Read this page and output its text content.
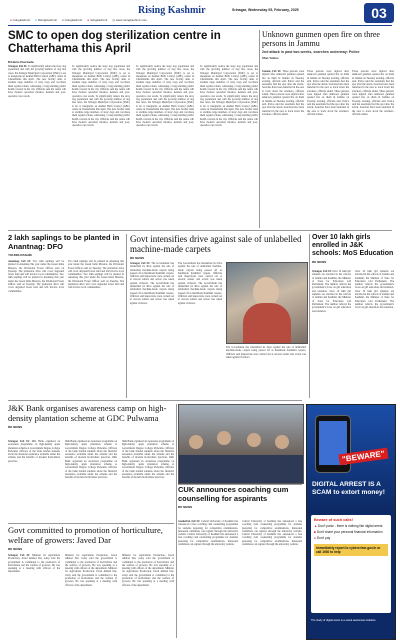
Rising Kashmir
● risingkashmir ● RisingKashmir ● risingkashmir ● risingkashmir ◎ www.risingkashmir.com
Srinagar, Wednesday 05, February, 2025	03
SMC to open dog sterilization centre in Chatterhama this April
M Hanis Peerzada
Srinagar, Feb 04: To significantly reduce the stray dog population and curb the growing number of dog bite cases, the Srinagar Municipal Corporation (SMC) is set to inaugurate an Animal Birth Control (ABC) centre in Chatterhama this April. The new facility aims to sterilize large numbers of stray dogs and vaccinate them against rabies, addressing a long-standing public health concern in the city. Officials said the centre will have modern operation theatres, kennels and post-operative care wards.
To significantly reduce the stray dog population and curb the growing number of dog bite cases, the Srinagar Municipal Corporation (SMC) is set to inaugurate an Animal Birth Control (ABC) centre in Chatterhama this April. The new facility aims to sterilize large numbers of stray dogs and vaccinate them against rabies, addressing a long-standing public health concern in the city. Officials said the centre will have modern operation theatres, kennels and post-operative care wards. To significantly reduce the stray dog population and curb the growing number of dog bite cases, the Srinagar Municipal Corporation (SMC) is set to inaugurate an Animal Birth Control (ABC) centre in Chatterhama this April. The new facility aims to sterilize large numbers of stray dogs and vaccinate them against rabies, addressing a long-standing public health concern in the city. Officials said the centre will have modern operation theatres, kennels and post-operative care wards.
To significantly reduce the stray dog population and curb the growing number of dog bite cases, the Srinagar Municipal Corporation (SMC) is set to inaugurate an Animal Birth Control (ABC) centre in Chatterhama this April. The new facility aims to sterilize large numbers of stray dogs and vaccinate them against rabies, addressing a long-standing public health concern in the city. Officials said the centre will have modern operation theatres, kennels and post-operative care wards. To significantly reduce the stray dog population and curb the growing number of dog bite cases, the Srinagar Municipal Corporation (SMC) is set to inaugurate an Animal Birth Control (ABC) centre in Chatterhama this April. The new facility aims to sterilize large numbers of stray dogs and vaccinate them against rabies, addressing a long-standing public health concern in the city. Officials said the centre will have modern operation theatres, kennels and post-operative care wards.
To significantly reduce the stray dog population and curb the growing number of dog bite cases, the Srinagar Municipal Corporation (SMC) is set to inaugurate an Animal Birth Control (ABC) centre in Chatterhama this April. The new facility aims to sterilize large numbers of stray dogs and vaccinate them against rabies, addressing a long-standing public health concern in the city. Officials said the centre will have modern operation theatres, kennels and post-operative care wards. To significantly reduce the stray dog population and curb the growing number of dog bite cases, the Srinagar Municipal Corporation (SMC) is set to inaugurate an Animal Birth Control (ABC) centre in Chatterhama this April. The new facility aims to sterilize large numbers of stray dogs and vaccinate them against rabies, addressing a long-standing public health concern in the city. Officials said the centre will have modern operation theatres, kennels and post-operative care wards.
Unknown gunmen open fire on three persons in Jammu
2nd attack in past two weeks, searches underway: Police
Irfan Yattoo
Jammu, Feb 04: Three persons were injured after unknown gunmen opened fire on them in Jammu on Tuesday evening, officials said. Police said the assailants fled the spot after the attack. Searches have been launched in the area to track down the attackers, officials added. Three persons were injured after unknown gunmen opened fire on them in Jammu on Tuesday evening, officials said. Police said the assailants fled the spot after the attack. Searches have been launched in the area to track down the attackers, officials added.
Three persons were injured after unknown gunmen opened fire on them in Jammu on Tuesday evening, officials said. Police said the assailants fled the spot after the attack. Searches have been launched in the area to track down the attackers, officials added. Three persons were injured after unknown gunmen opened fire on them in Jammu on Tuesday evening, officials said. Police said the assailants fled the spot after the attack. Searches have been launched in the area to track down the attackers, officials added.
Three persons were injured after unknown gunmen opened fire on them in Jammu on Tuesday evening, officials said. Police said the assailants fled the spot after the attack. Searches have been launched in the area to track down the attackers, officials added. Three persons were injured after unknown gunmen opened fire on them in Jammu on Tuesday evening, officials said. Police said the assailants fled the spot after the attack. Searches have been launched in the area to track down the attackers, officials added.
2 lakh saplings to be planted in Anantnag: DFO
YOUNIS RASHID
Anantnag, Feb 04: Two lakh saplings will be planted in Anantnag this year under the Green India Mission, the Divisional Forest Officer said on Tuesday. The plantation drive will cover degraded forest land and will involve local communities. Two lakh saplings will be planted in Anantnag this year under the Green India Mission, the Divisional Forest Officer said on Tuesday. The plantation drive will cover degraded forest land and will involve local communities.
Two lakh saplings will be planted in Anantnag this year under the Green India Mission, the Divisional Forest Officer said on Tuesday. The plantation drive will cover degraded forest land and will involve local communities. Two lakh saplings will be planted in Anantnag this year under the Green India Mission, the Divisional Forest Officer said on Tuesday. The plantation drive will cover degraded forest land and will involve local communities.
Govt intensifies drive against sale of unlabelled machine-made carpets
RK NEWS
Srinagar, Feb 04: The Government has intensified its drive against the sale of unlabelled machine-made carpets being passed off as handmade Kashmiri carpets. Officials said inspections were carried out at several outlets and action was taken against violators. The Government has intensified its drive against the sale of unlabelled machine-made carpets being passed off as handmade Kashmiri carpets. Officials said inspections were carried out at several outlets and action was taken against violators.
The Government has intensified its drive against the sale of unlabelled machine-made carpets being passed off as handmade Kashmiri carpets. Officials said inspections were carried out at several outlets and action was taken against violators. The Government has intensified its drive against the sale of unlabelled machine-made carpets being passed off as handmade Kashmiri carpets. Officials said inspections were carried out at several outlets and action was taken against violators.
The Government has intensified its drive against the sale of unlabelled machine-made carpets being passed off as handmade Kashmiri carpets. Officials said inspections were carried out at several outlets and action was taken against violators.
Over 10 lakh girls enrolled in J&K schools: MoS Education
RK NEWS
Srinagar, Feb 04: Over 10 lakh girl students are enrolled in the schools of Jammu and Kashmir, the Minister of State for Education told Parliament. The number reflects the government's focus on girl education and retention. Over 10 lakh girl students are enrolled in the schools of Jammu and Kashmir, the Minister of State for Education told Parliament. The number reflects the government's focus on girl education and retention.
Over 10 lakh girl students are enrolled in the schools of Jammu and Kashmir, the Minister of State for Education told Parliament. The number reflects the government's focus on girl education and retention. Over 10 lakh girl students are enrolled in the schools of Jammu and Kashmir, the Minister of State for Education told Parliament. The number reflects the government's focus on girl education and retention.
J&K Bank organises awareness camp on high-density plantation scheme at GDC Pulwama
RK NEWS
Srinagar, Feb 04: J&K Bank organised an awareness programme on high-density apple plantation scheme at Government Degree College Pulwama. Officers of the bank briefed students about the financial assistance available under the scheme and the benefits of modern horticulture practices.
J&K Bank organised an awareness programme on high-density apple plantation scheme at Government Degree College Pulwama. Officers of the bank briefed students about the financial assistance available under the scheme and the benefits of modern horticulture practices. J&K Bank organised an awareness programme on high-density apple plantation scheme at Government Degree College Pulwama. Officers of the bank briefed students about the financial assistance available under the scheme and the benefits of modern horticulture practices.
J&K Bank organised an awareness programme on high-density apple plantation scheme at Government Degree College Pulwama. Officers of the bank briefed students about the financial assistance available under the scheme and the benefits of modern horticulture practices. J&K Bank organised an awareness programme on high-density apple plantation scheme at Government Degree College Pulwama. Officers of the bank briefed students about the financial assistance available under the scheme and the benefits of modern horticulture practices.
Govt committed to promotion of horticulture, welfare of growers: Javed Dar
RK NEWS
Srinagar, Feb 04: Minister for Agriculture Production, Javed Ahmad Dar, today said the government is committed to the promotion of horticulture and the welfare of growers. He was speaking at a meeting with officers of the department.
Minister for Agriculture Production, Javed Ahmad Dar, today said the government is committed to the promotion of horticulture and the welfare of growers. He was speaking at a meeting with officers of the department. Minister for Agriculture Production, Javed Ahmad Dar, today said the government is committed to the promotion of horticulture and the welfare of growers. He was speaking at a meeting with officers of the department.
Minister for Agriculture Production, Javed Ahmad Dar, today said the government is committed to the promotion of horticulture and the welfare of growers. He was speaking at a meeting with officers of the department. Minister for Agriculture Production, Javed Ahmad Dar, today said the government is committed to the promotion of horticulture and the welfare of growers. He was speaking at a meeting with officers of the department.
CUK announces coaching cum counselling for aspirants
RK NEWS
Ganderbal, Feb 04: Central University of Kashmir has announced a free coaching cum counselling programme for students preparing for competitive examinations. Interested candidates can register through the university website. Central University of Kashmir has announced a free coaching cum counselling programme for students preparing for competitive examinations. Interested candidates can register through the university website.
Central University of Kashmir has announced a free coaching cum counselling programme for students preparing for competitive examinations. Interested candidates can register through the university website. Central University of Kashmir has announced a free coaching cum counselling programme for students preparing for competitive examinations. Interested candidates can register through the university website.
"BEWARE"
DIGITAL ARREST IS A SCAM to extort money!
Beware of such calls!
▲ Don't panic - there is nothing like digital arrest
■ Don't share your personal financial information
● Don't pay
Immediately report to cybercrime.gov.in or call 1930 to help
The study of digital arrest is a social awareness initiative
